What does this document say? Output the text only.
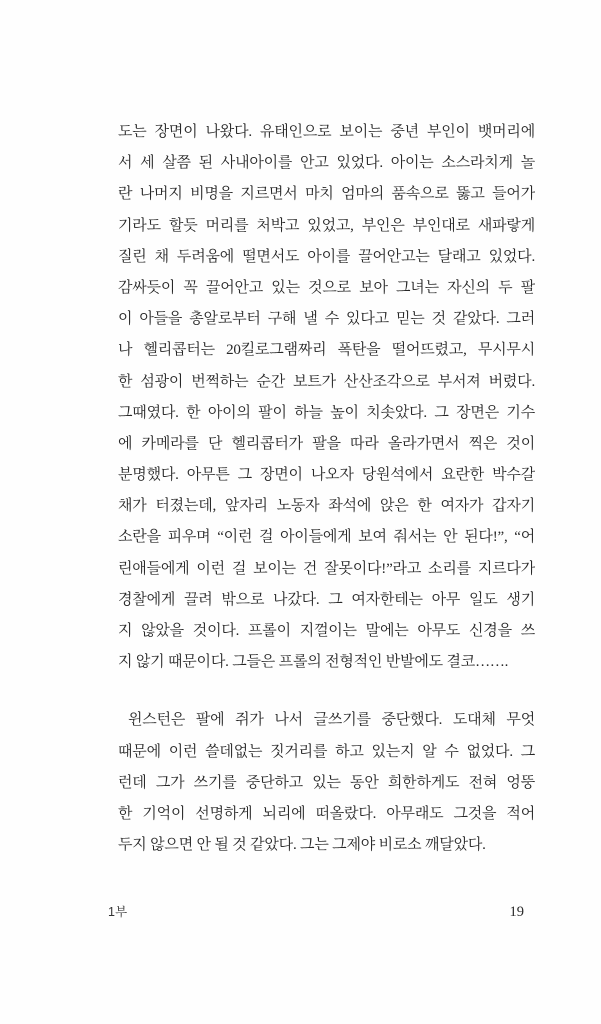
도는 장면이 나왔다. 유태인으로 보이는 중년 부인이 뱃머리에
서 세 살쯤 된 사내아이를 안고 있었다. 아이는 소스라치게 놀
란 나머지 비명을 지르면서 마치 엄마의 품속으로 뚫고 들어가
기라도 할듯 머리를 처박고 있었고, 부인은 부인대로 새파랗게
질린 채 두려움에 떨면서도 아이를 끌어안고는 달래고 있었다.
감싸듯이 꼭 끌어안고 있는 것으로 보아 그녀는 자신의 두 팔
이 아들을 총알로부터 구해 낼 수 있다고 믿는 것 같았다. 그러
나 헬리콥터는 20킬로그램짜리 폭탄을 떨어뜨렸고, 무시무시
한 섬광이 번쩍하는 순간 보트가 산산조각으로 부서져 버렸다.
그때였다. 한 아이의 팔이 하늘 높이 치솟았다. 그 장면은 기수
에 카메라를 단 헬리콥터가 팔을 따라 올라가면서 찍은 것이
분명했다. 아무튼 그 장면이 나오자 당원석에서 요란한 박수갈
채가 터졌는데, 앞자리 노동자 좌석에 앉은 한 여자가 갑자기
소란을 피우며 “이런 걸 아이들에게 보여 줘서는 안 된다!”, “어
린애들에게 이런 걸 보이는 건 잘못이다!”라고 소리를 지르다가
경찰에게 끌려 밖으로 나갔다. 그 여자한테는 아무 일도 생기
지 않았을 것이다. 프롤이 지껄이는 말에는 아무도 신경을 쓰
지 않기 때문이다. 그들은 프롤의 전형적인 반발에도 결코…….
윈스턴은 팔에 쥐가 나서 글쓰기를 중단했다. 도대체 무엇
때문에 이런 쓸데없는 짓거리를 하고 있는지 알 수 없었다. 그
런데 그가 쓰기를 중단하고 있는 동안 희한하게도 전혀 엉뚱
한 기억이 선명하게 뇌리에 떠올랐다. 아무래도 그것을 적어
두지 않으면 안 될 것 같았다. 그는 그제야 비로소 깨달았다.
1부	19
